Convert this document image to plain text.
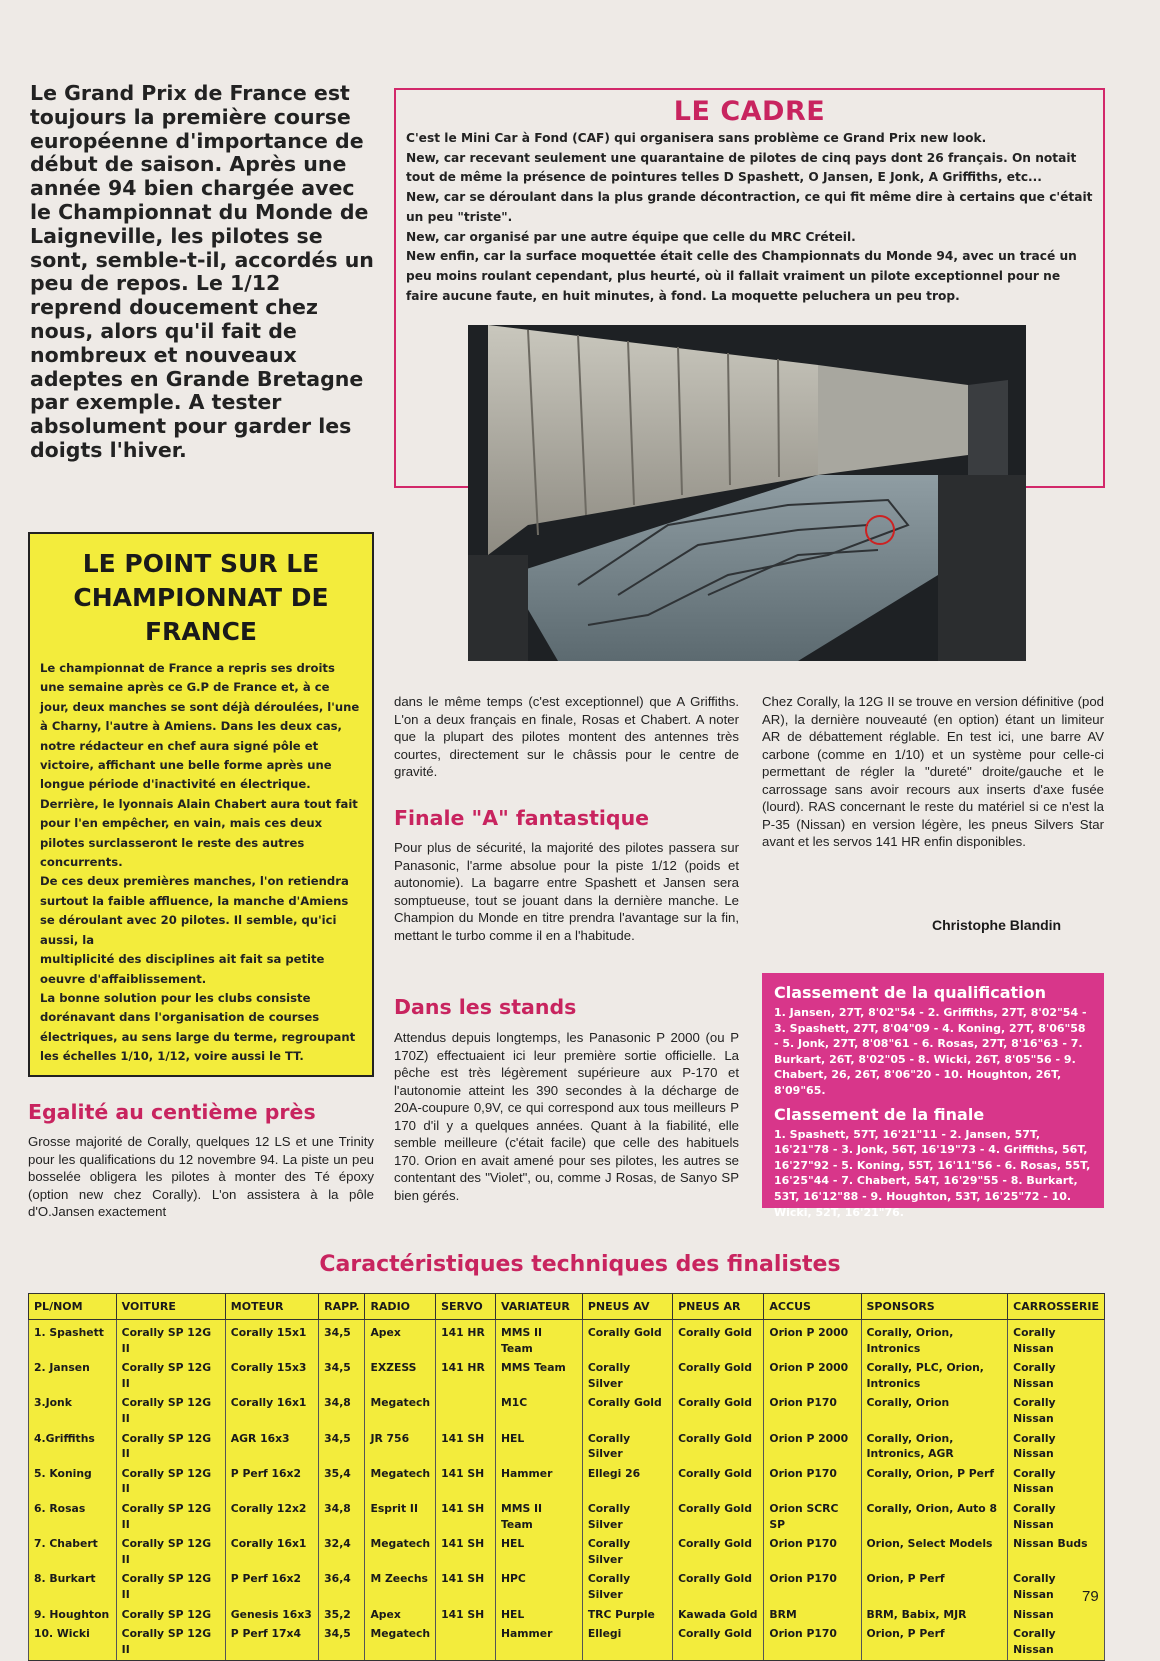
Le Grand Prix de France est toujours la première course européenne d'importance de début de saison. Après une année 94 bien chargée avec le Championnat du Monde de Laigneville, les pilotes se sont, semble-t-il, accordés un peu de repos. Le 1/12 reprend doucement chez nous, alors qu'il fait de nombreux et nouveaux adeptes en Grande Bretagne par exemple. A tester absolument pour garder les doigts l'hiver.
LE CADRE
C'est le Mini Car à Fond (CAF) qui organisera sans problème ce Grand Prix new look.
New, car recevant seulement une quarantaine de pilotes de cinq pays dont 26 français. On notait tout de même la présence de pointures telles D Spashett, O Jansen, E Jonk, A Griffiths, etc...
New, car se déroulant dans la plus grande décontraction, ce qui fit même dire à certains que c'était un peu "triste".
New, car organisé par une autre équipe que celle du MRC Créteil.
New enfin, car la surface moquettée était celle des Championnats du Monde 94, avec un tracé un peu moins roulant cependant, plus heurté, où il fallait vraiment un pilote exceptionnel pour ne faire aucune faute, en huit minutes, à fond. La moquette peluchera un peu trop.
LE POINT SUR LE CHAMPIONNAT DE FRANCE
Le championnat de France a repris ses droits une semaine après ce G.P de France et, à ce jour, deux manches se sont déjà déroulées, l'une à Charny, l'autre à Amiens. Dans les deux cas, notre rédacteur en chef aura signé pôle et victoire, affichant une belle forme après une longue période d'inactivité en électrique. Derrière, le lyonnais Alain Chabert aura tout fait pour l'en empêcher, en vain, mais ces deux pilotes surclasseront le reste des autres concurrents.
De ces deux premières manches, l'on retiendra surtout la faible affluence, la manche d'Amiens se déroulant avec 20 pilotes. Il semble, qu'ici aussi, la
multiplicité des disciplines ait fait sa petite oeuvre d'affaiblissement.
La bonne solution pour les clubs consiste dorénavant dans l'organisation de courses électriques, au sens large du terme, regroupant les échelles 1/10, 1/12, voire aussi le TT.
Egalité au centième près
Grosse majorité de Corally, quelques 12 LS et une Trinity pour les qualifications du 12 novembre 94. La piste un peu bosselée obligera les pilotes à monter des Té époxy (option new chez Corally). L'on assistera à la pôle d'O.Jansen exactement
dans le même temps (c'est exceptionnel) que A Griffiths. L'on a deux français en finale, Rosas et Chabert. A noter que la plupart des pilotes montent des antennes très courtes, directement sur le châssis pour le centre de gravité.
Finale "A" fantastique
Pour plus de sécurité, la majorité des pilotes passera sur Panasonic, l'arme absolue pour la piste 1/12 (poids et autonomie). La bagarre entre Spashett et Jansen sera somptueuse, tout se jouant dans la dernière manche. Le Champion du Monde en titre prendra l'avantage sur la fin, mettant le turbo comme il en a l'habitude.
Dans les stands
Attendus depuis longtemps, les Panasonic P 2000 (ou P 170Z) effectuaient ici leur première sortie officielle. La pêche est très légèrement supérieure aux P-170 et l'autonomie atteint les 390 secondes à la décharge de 20A-coupure 0,9V, ce qui correspond aux tous meilleurs P 170 d'il y a quelques années. Quant à la fiabilité, elle semble meilleure (c'était facile) que celle des habituels 170. Orion en avait amené pour ses pilotes, les autres se contentant des "Violet", ou, comme J Rosas, de Sanyo SP bien gérés.
Chez Corally, la 12G II se trouve en version définitive (pod AR), la dernière nouveauté (en option) étant un limiteur AR de débattement réglable. En test ici, une barre AV carbone (comme en 1/10) et un système pour celle-ci permettant de régler la "dureté" droite/gauche et le carrossage sans avoir recours aux inserts d'axe fusée (lourd). RAS concernant le reste du matériel si ce n'est la P-35 (Nissan) en version légère, les pneus Silvers Star avant et les servos 141 HR enfin disponibles.
Christophe Blandin
Classement de la qualification
1. Jansen, 27T, 8'02"54 - 2. Griffiths, 27T, 8'02"54 - 3. Spashett, 27T, 8'04"09 - 4. Koning, 27T, 8'06"58 - 5. Jonk, 27T, 8'08"61 - 6. Rosas, 27T, 8'16"63 - 7. Burkart, 26T, 8'02"05 - 8. Wicki, 26T, 8'05"56 - 9. Chabert, 26, 26T, 8'06"20 - 10. Houghton, 26T, 8'09"65.
Classement de la finale
1. Spashett, 57T, 16'21"11 - 2. Jansen, 57T, 16'21"78 - 3. Jonk, 56T, 16'19"73 - 4. Griffiths, 56T, 16'27"92 - 5. Koning, 55T, 16'11"56 - 6. Rosas, 55T, 16'25"44 - 7. Chabert, 54T, 16'29"55 - 8. Burkart, 53T, 16'12"88 - 9. Houghton, 53T, 16'25"72 - 10. Wicki, 52T, 16'21"76.
Caractéristiques techniques des finalistes
PL/NOM	VOITURE	MOTEUR	RAPP.	RADIO	SERVO	VARIATEUR	PNEUS AV	PNEUS AR	ACCUS	SPONSORS	CARROSSERIE
1. Spashett	Corally SP 12G II	Corally 15x1	34,5	Apex	141 HR	MMS II Team	Corally Gold	Corally Gold	Orion P 2000	Corally, Orion, Intronics	Corally Nissan
2. Jansen	Corally SP 12G II	Corally 15x3	34,5	EXZESS	141 HR	MMS Team	Corally Silver	Corally Gold	Orion P 2000	Corally, PLC, Orion, Intronics	Corally Nissan
3.Jonk	Corally SP 12G II	Corally 16x1	34,8	Megatech		M1C	Corally Gold	Corally Gold	Orion P170	Corally, Orion	Corally Nissan
4.Griffiths	Corally SP 12G II	AGR 16x3	34,5	JR 756	141 SH	HEL	Corally Silver	Corally Gold	Orion P 2000	Corally, Orion, Intronics, AGR	Corally Nissan
5. Koning	Corally SP 12G II	P Perf 16x2	35,4	Megatech	141 SH	Hammer	Ellegi 26	Corally Gold	Orion P170	Corally, Orion, P Perf	Corally Nissan
6. Rosas	Corally SP 12G II	Corally 12x2	34,8	Esprit II	141 SH	MMS II Team	Corally Silver	Corally Gold	Orion SCRC SP	Corally, Orion, Auto 8	Corally Nissan
7. Chabert	Corally SP 12G II	Corally 16x1	32,4	Megatech	141 SH	HEL	Corally Silver	Corally Gold	Orion P170	Orion, Select Models	Nissan Buds
8. Burkart	Corally SP 12G II	P Perf 16x2	36,4	M Zeechs	141 SH	HPC	Corally Silver	Corally Gold	Orion P170	Orion, P Perf	Corally Nissan
9. Houghton	Corally SP 12G	Genesis 16x3	35,2	Apex	141 SH	HEL	TRC Purple	Kawada Gold	BRM	BRM, Babix, MJR	Nissan
10. Wicki	Corally SP 12G II	P Perf 17x4	34,5	Megatech		Hammer	Ellegi	Corally Gold	Orion P170	Orion, P Perf	Corally Nissan
79
